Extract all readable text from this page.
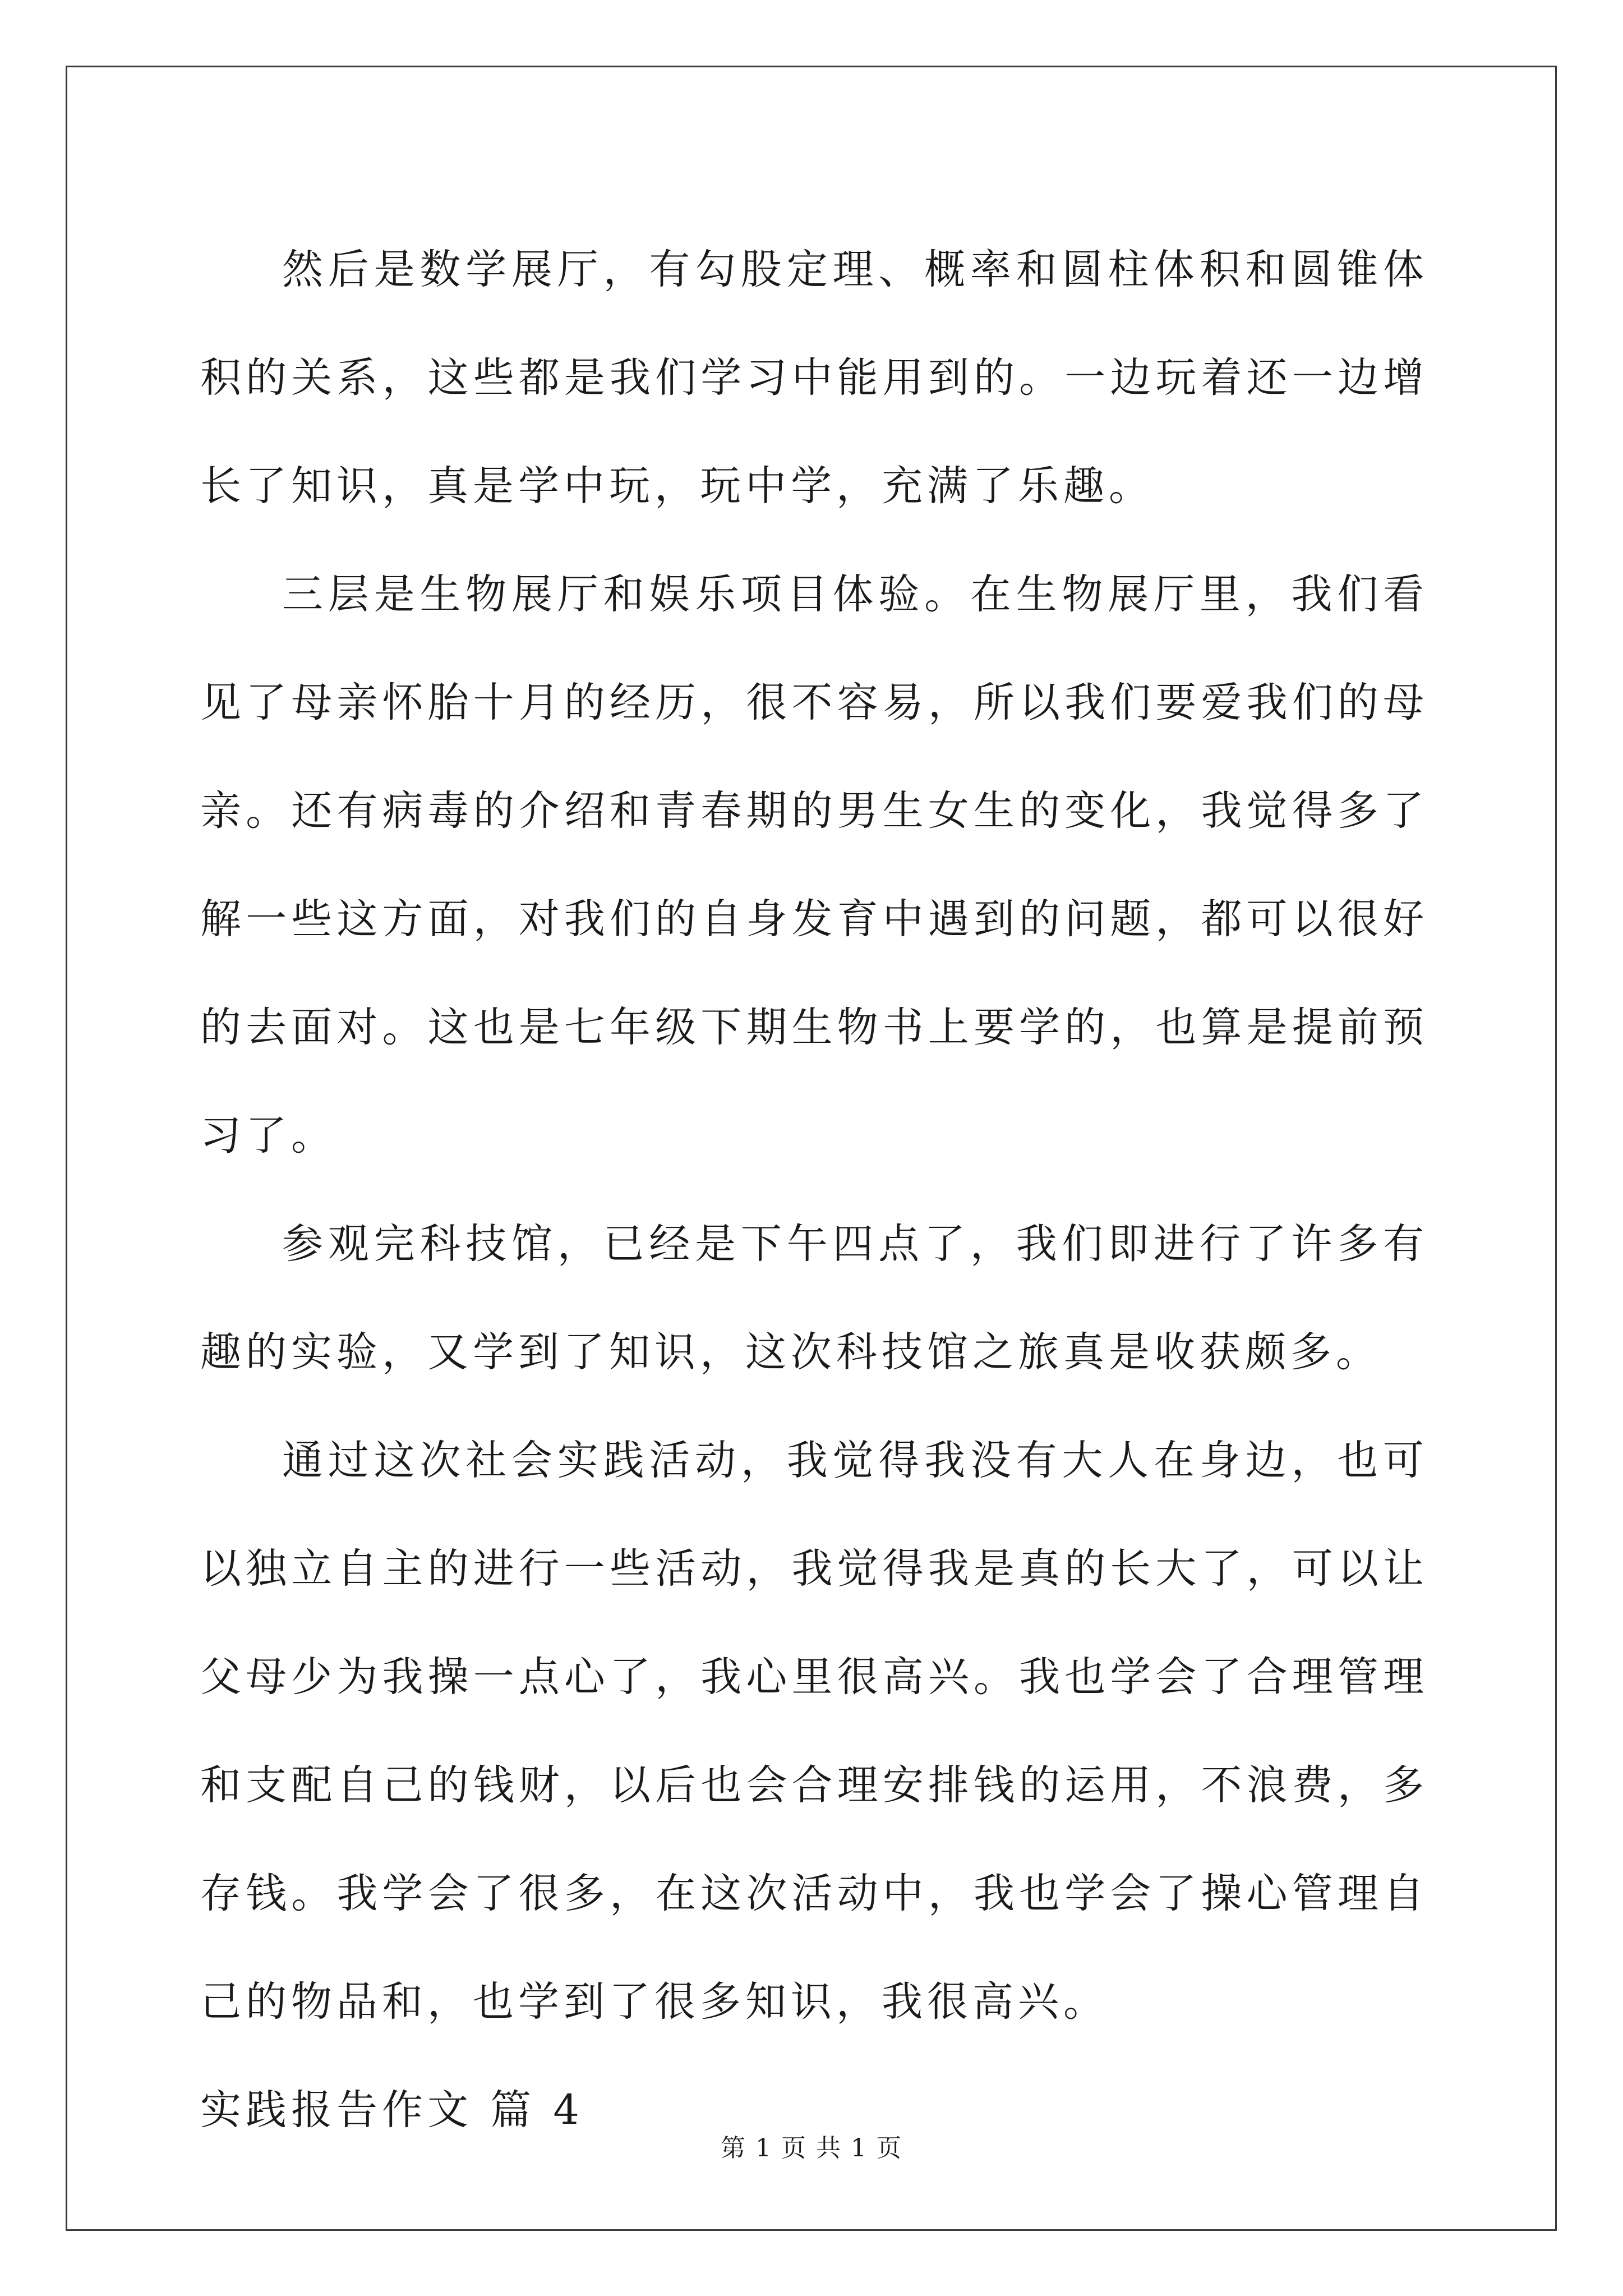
然后是数学展厅，有勾股定理、概率和圆柱体积和圆锥体积的关系，这些都是我们学习中能用到的。一边玩着还一边增长了知识，真是学中玩，玩中学，充满了乐趣。

三层是生物展厅和娱乐项目体验。在生物展厅里，我们看见了母亲怀胎十月的经历，很不容易，所以我们要爱我们的母亲。还有病毒的介绍和青春期的男生女生的变化，我觉得多了解一些这方面，对我们的自身发育中遇到的问题，都可以很好的去面对。这也是七年级下期生物书上要学的，也算是提前预习了。

参观完科技馆，已经是下午四点了，我们即进行了许多有趣的实验，又学到了知识，这次科技馆之旅真是收获颇多。

通过这次社会实践活动，我觉得我没有大人在身边，也可以独立自主的进行一些活动，我觉得我是真的长大了，可以让父母少为我操一点心了，我心里很高兴。我也学会了合理管理和支配自己的钱财，以后也会合理安排钱的运用，不浪费，多存钱。我学会了很多，在这次活动中，我也学会了操心管理自己的物品和，也学到了很多知识，我很高兴。

实践报告作文 篇 4

第 1 页 共 1 页
